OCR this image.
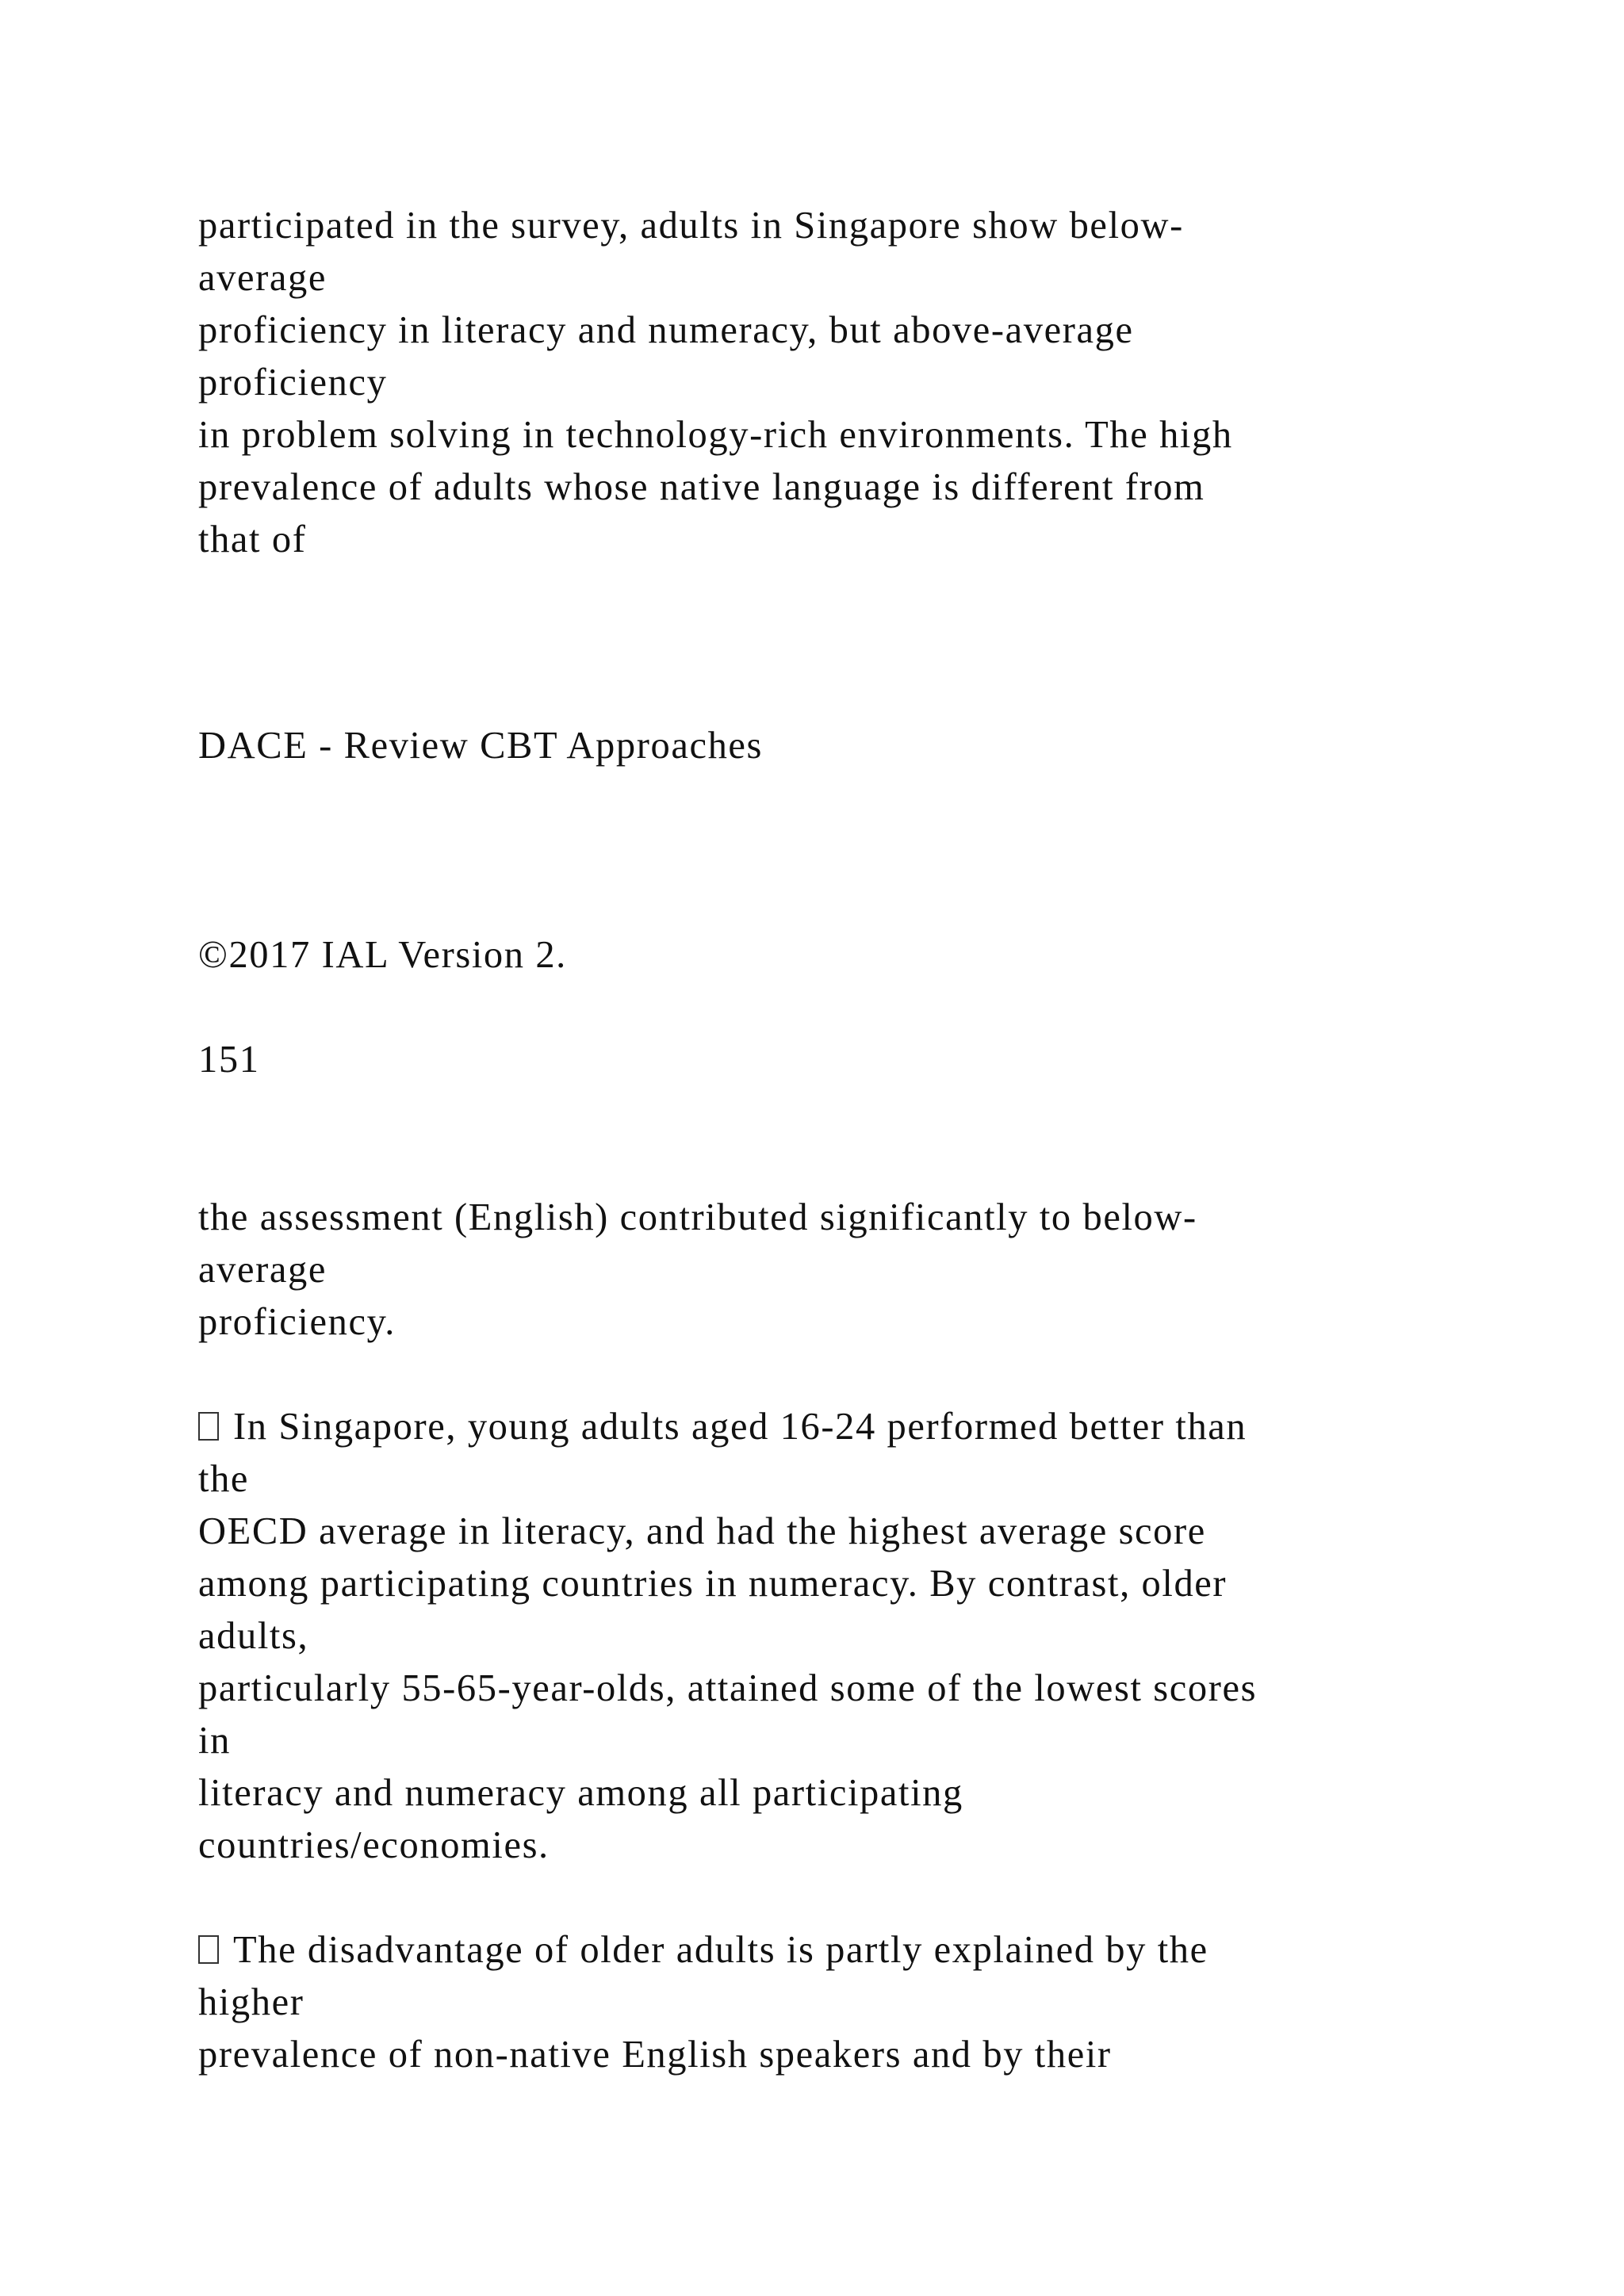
participated in the survey, adults in Singapore show below-

average

proficiency in literacy and numeracy, but above-average

proficiency

in problem solving in technology-rich environments. The high

prevalence of adults whose native language is different from

that of

DACE - Review CBT Approaches

©2017 IAL Version 2.

151

the assessment (English) contributed significantly to below-

average

proficiency.

In Singapore, young adults aged 16-24 performed better than

the

OECD average in literacy, and had the highest average score

among participating countries in numeracy. By contrast, older

adults,

particularly 55-65-year-olds, attained some of the lowest scores

in

literacy and numeracy among all participating

countries/economies.

The disadvantage of older adults is partly explained by the

higher

prevalence of non-native English speakers and by their
